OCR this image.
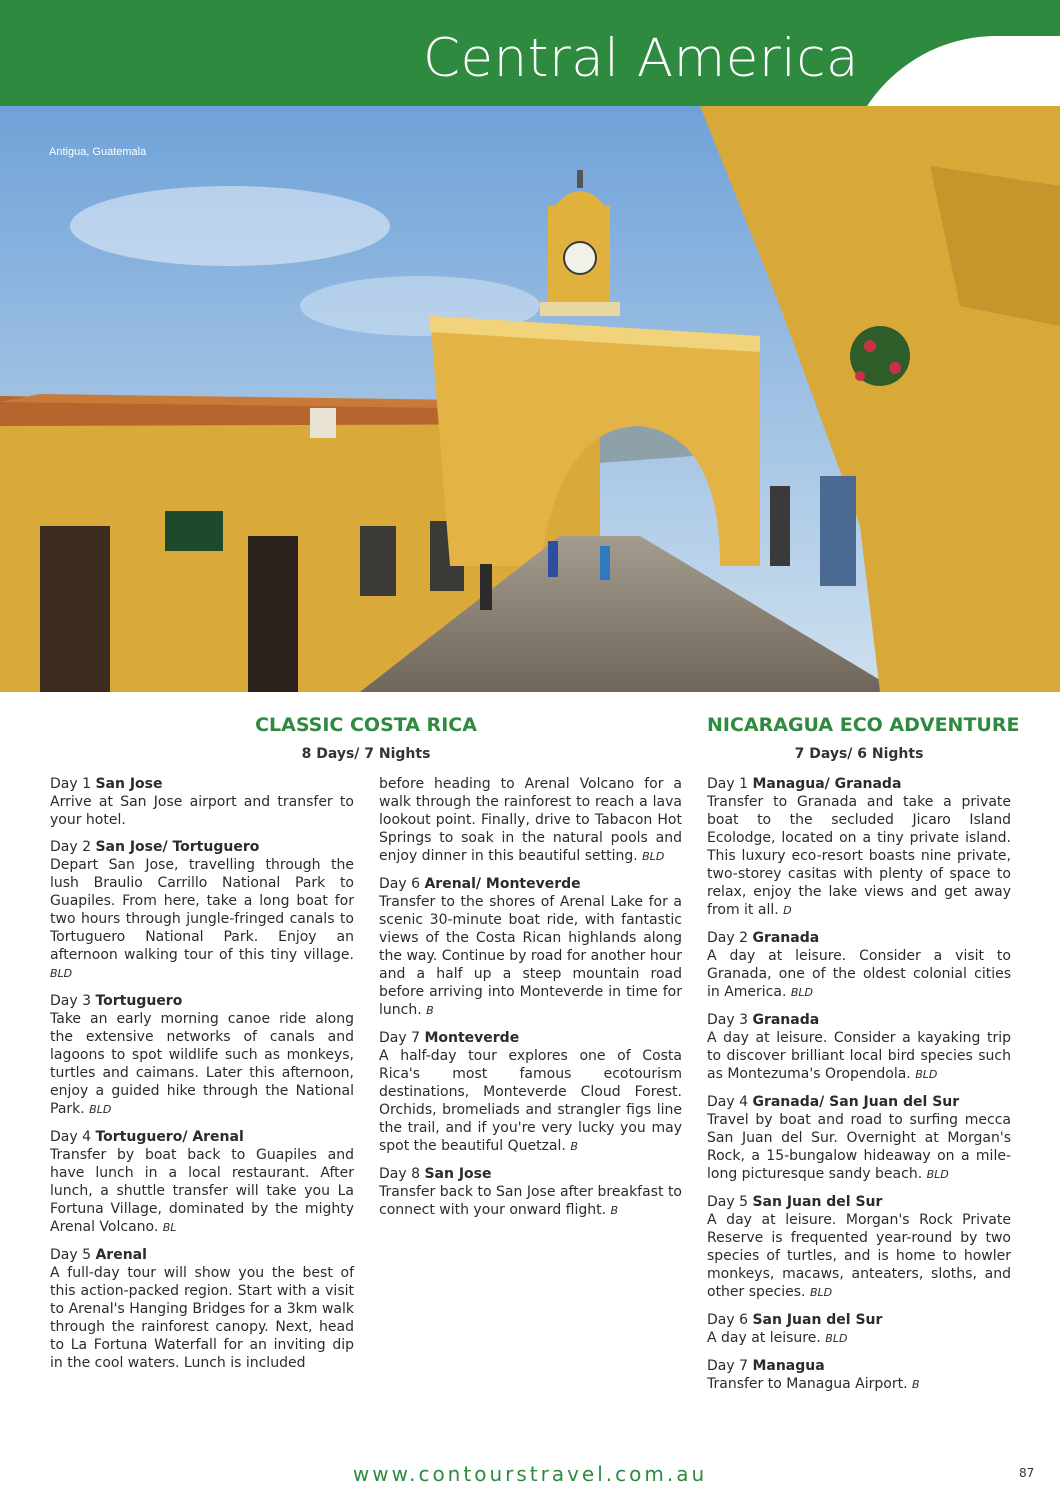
Central America
Antigua, Guatemala
CLASSIC COSTA RICA
8 Days/ 7 Nights
Day 1 San Jose
Arrive at San Jose airport and transfer to your hotel.
Day 2 San Jose/ Tortuguero
Depart San Jose, travelling through the lush Braulio Carrillo National Park to Guapiles. From here, take a long boat for two hours through jungle-fringed canals to Tortuguero National Park. Enjoy an afternoon walking tour of this tiny village. BLD
Day 3 Tortuguero
Take an early morning canoe ride along the extensive networks of canals and lagoons to spot wildlife such as monkeys, turtles and caimans. Later this afternoon, enjoy a guided hike through the National Park. BLD
Day 4 Tortuguero/ Arenal
Transfer by boat back to Guapiles and have lunch in a local restaurant. After lunch, a shuttle transfer will take you La Fortuna Village, dominated by the mighty Arenal Volcano. BL
Day 5 Arenal
A full-day tour will show you the best of this action-packed region. Start with a visit to Arenal's Hanging Bridges for a 3km walk through the rainforest canopy. Next, head to La Fortuna Waterfall for an inviting dip in the cool waters. Lunch is included
before heading to Arenal Volcano for a walk through the rainforest to reach a lava lookout point. Finally, drive to Tabacon Hot Springs to soak in the natural pools and enjoy dinner in this beautiful setting. BLD
Day 6 Arenal/ Monteverde
Transfer to the shores of Arenal Lake for a scenic 30-minute boat ride, with fantastic views of the Costa Rican highlands along the way. Continue by road for another hour and a half up a steep mountain road before arriving into Monteverde in time for lunch. B
Day 7 Monteverde
A half-day tour explores one of Costa Rica's most famous ecotourism destinations, Monteverde Cloud Forest. Orchids, bromeliads and strangler figs line the trail, and if you're very lucky you may spot the beautiful Quetzal. B
Day 8 San Jose
Transfer back to San Jose after breakfast to connect with your onward flight. B
NICARAGUA ECO ADVENTURE
7 Days/ 6 Nights
Day 1 Managua/ Granada
Transfer to Granada and take a private boat to the secluded Jicaro Island Ecolodge, located on a tiny private island. This luxury eco-resort boasts nine private, two-storey casitas with plenty of space to relax, enjoy the lake views and get away from it all. D
Day 2 Granada
A day at leisure. Consider a visit to Granada, one of the oldest colonial cities in America. BLD
Day 3 Granada
A day at leisure. Consider a kayaking trip to discover brilliant local bird species such as Montezuma's Oropendola. BLD
Day 4 Granada/ San Juan del Sur
Travel by boat and road to surfing mecca San Juan del Sur. Overnight at Morgan's Rock, a 15-bungalow hideaway on a mile-long picturesque sandy beach. BLD
Day 5 San Juan del Sur
A day at leisure. Morgan's Rock Private Reserve is frequented year-round by two species of turtles, and is home to howler monkeys, macaws, anteaters, sloths, and other species. BLD
Day 6 San Juan del Sur
A day at leisure. BLD
Day 7 Managua
Transfer to Managua Airport. B
www.contourstravel.com.au	87
